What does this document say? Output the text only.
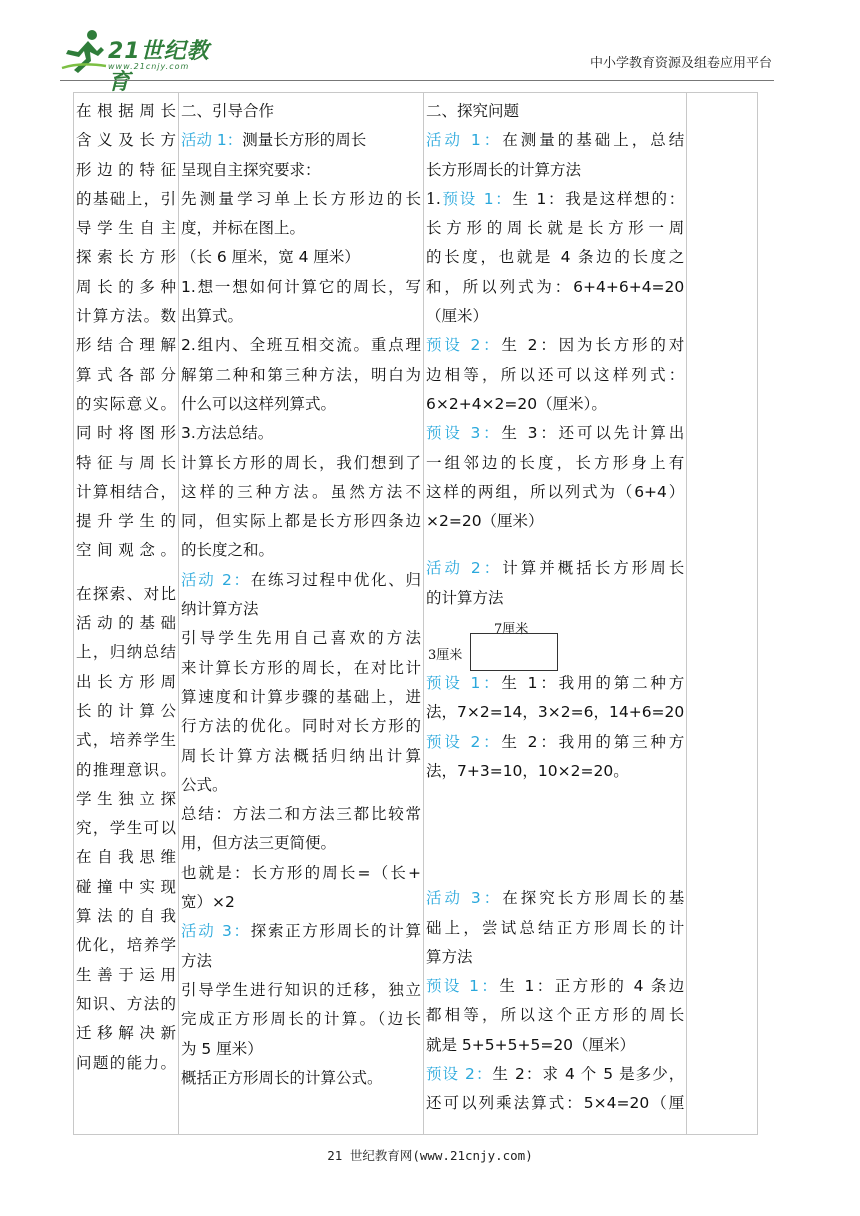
21世纪教育
www.21cnjy.com	中小学教育资源及组卷应用平台
在根据周长
含义及长方
形边的特征
的基础上，引
导学生自主
探索长方形
周长的多种
计算方法。数
形结合理解
算式各部分
的实际意义。
同时将图形
特征与周长
计算相结合，
提升学生的
空间观念。
在探索、对比
活动的基础
上，归纳总结
出长方形周
长的计算公
式，培养学生
的推理意识。
学生独立探
究，学生可以
在自我思维
碰撞中实现
算法的自我
优化，培养学
生善于运用
知识、方法的
迁移解决新
问题的能力。

二、引导合作
活动 1：测量长方形的周长
呈现自主探究要求：
先测量学习单上长方形边的长
度，并标在图上。
（长 6 厘米，宽 4 厘米）
1.想一想如何计算它的周长，写
出算式。
2.组内、全班互相交流。重点理
解第二种和第三种方法，明白为
什么可以这样列算式。
3.方法总结。
计算长方形的周长，我们想到了
这样的三种方法。虽然方法不
同，但实际上都是长方形四条边
的长度之和。
活动 2：在练习过程中优化、归
纳计算方法
引导学生先用自己喜欢的方法
来计算长方形的周长，在对比计
算速度和计算步骤的基础上，进
行方法的优化。同时对长方形的
周长计算方法概括归纳出计算
公式。
总结：方法二和方法三都比较常
用，但方法三更简便。
也就是：长方形的周长=（长+
宽）×2
活动 3：探索正方形周长的计算
方法
引导学生进行知识的迁移，独立
完成正方形周长的计算。（边长
为 5 厘米）
概括正方形周长的计算公式。

二、探究问题
活动 1：在测量的基础上，总结
长方形周长的计算方法
1.预设 1：生 1：我是这样想的：
长方形的周长就是长方形一周
的长度，也就是 4 条边的长度之
和，所以列式为：6+4+6+4=20
（厘米）
预设 2：生 2：因为长方形的对
边相等，所以还可以这样列式：
6×2+4×2=20（厘米）。
预设 3：生 3：还可以先计算出
一组邻边的长度，长方形身上有
这样的两组，所以列式为（6+4）
×2=20（厘米）
活动 2：计算并概括长方形周长
的计算方法
7厘米
3厘米
预设 1：生 1：我用的第二种方
法，7×2=14，3×2=6，14+6=20
预设 2：生 2：我用的第三种方
法，7+3=10，10×2=20。
活动 3：在探究长方形周长的基
础上，尝试总结正方形周长的计
算方法
预设 1：生 1：正方形的 4 条边
都相等，所以这个正方形的周长
就是 5+5+5+5=20（厘米）
预设 2：生 2：求 4 个 5 是多少，
还可以列乘法算式：5×4=20（厘

21 世纪教育网(www.21cnjy.com)
